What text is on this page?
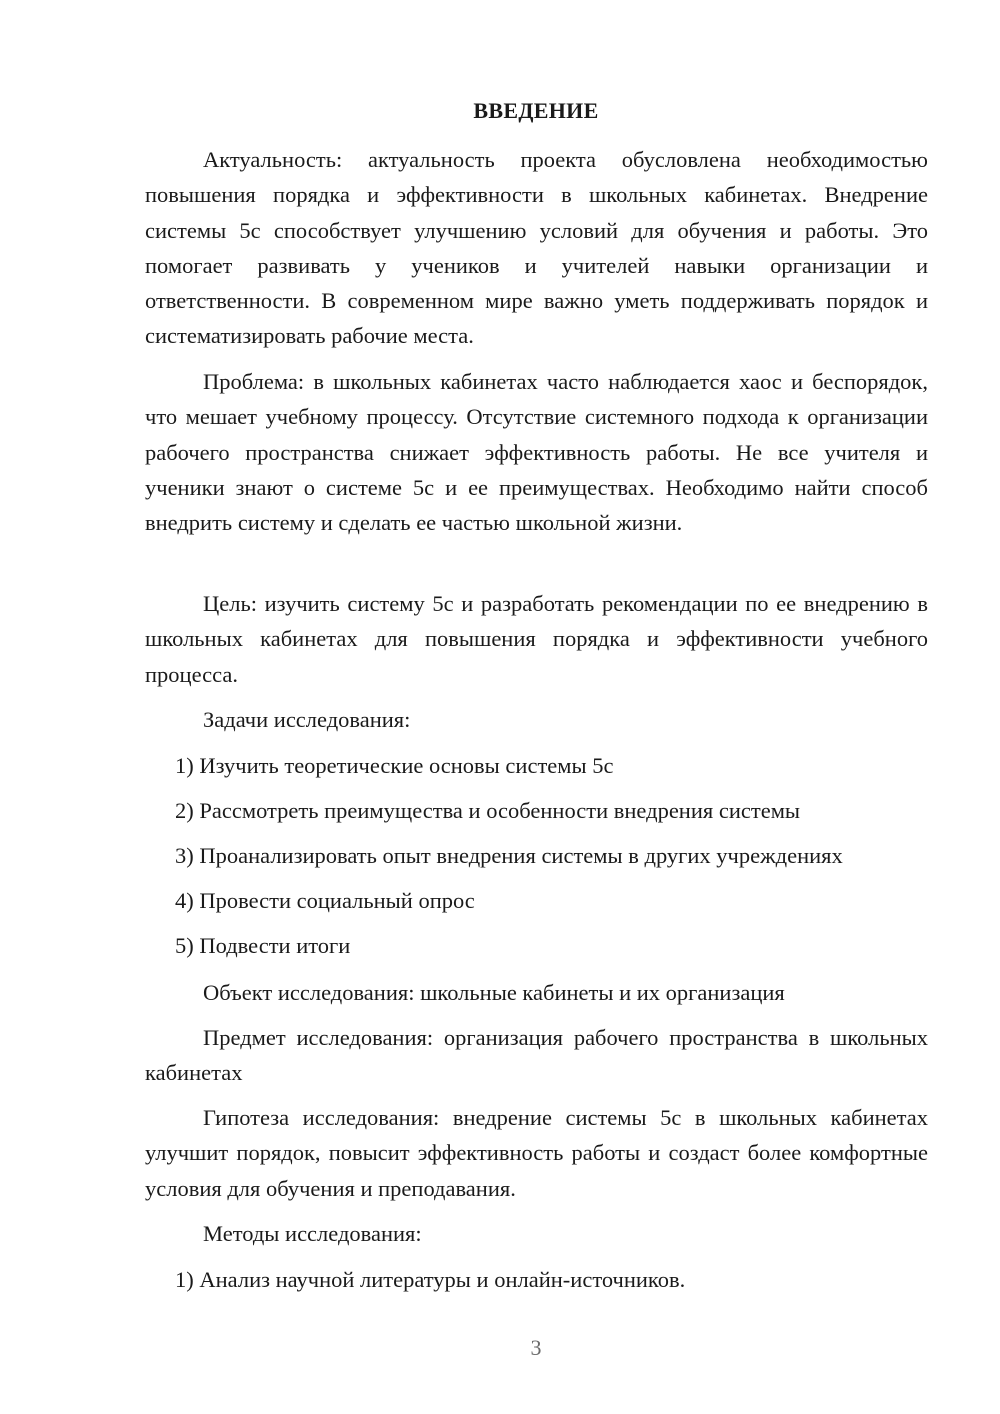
ВВЕДЕНИЕ

Актуальность: актуальность проекта обусловлена необходимостью повышения порядка и эффективности в школьных кабинетах. Внедрение системы 5с способствует улучшению условий для обучения и работы. Это помогает развивать у учеников и учителей навыки организации и ответственности. В современном мире важно уметь поддерживать порядок и систематизировать рабочие места.

Проблема: в школьных кабинетах часто наблюдается хаос и беспорядок, что мешает учебному процессу. Отсутствие системного подхода к организации рабочего пространства снижает эффективность работы. Не все учителя и ученики знают о системе 5с и ее преимуществах. Необходимо найти способ внедрить систему и сделать ее частью школьной жизни.

Цель: изучить систему 5с и разработать рекомендации по ее внедрению в школьных кабинетах для повышения порядка и эффективности учебного процесса.

Задачи исследования:

1) Изучить теоретические основы системы 5с

2) Рассмотреть преимущества и особенности внедрения системы

3) Проанализировать опыт внедрения системы в других учреждениях

4) Провести социальный опрос

5) Подвести итоги

Объект исследования: школьные кабинеты и их организация

Предмет исследования: организация рабочего пространства в школьных кабинетах

Гипотеза исследования: внедрение системы 5с в школьных кабинетах улучшит порядок, повысит эффективность работы и создаст более комфортные условия для обучения и преподавания.

Методы исследования:

1) Анализ научной литературы и онлайн-источников.

3
